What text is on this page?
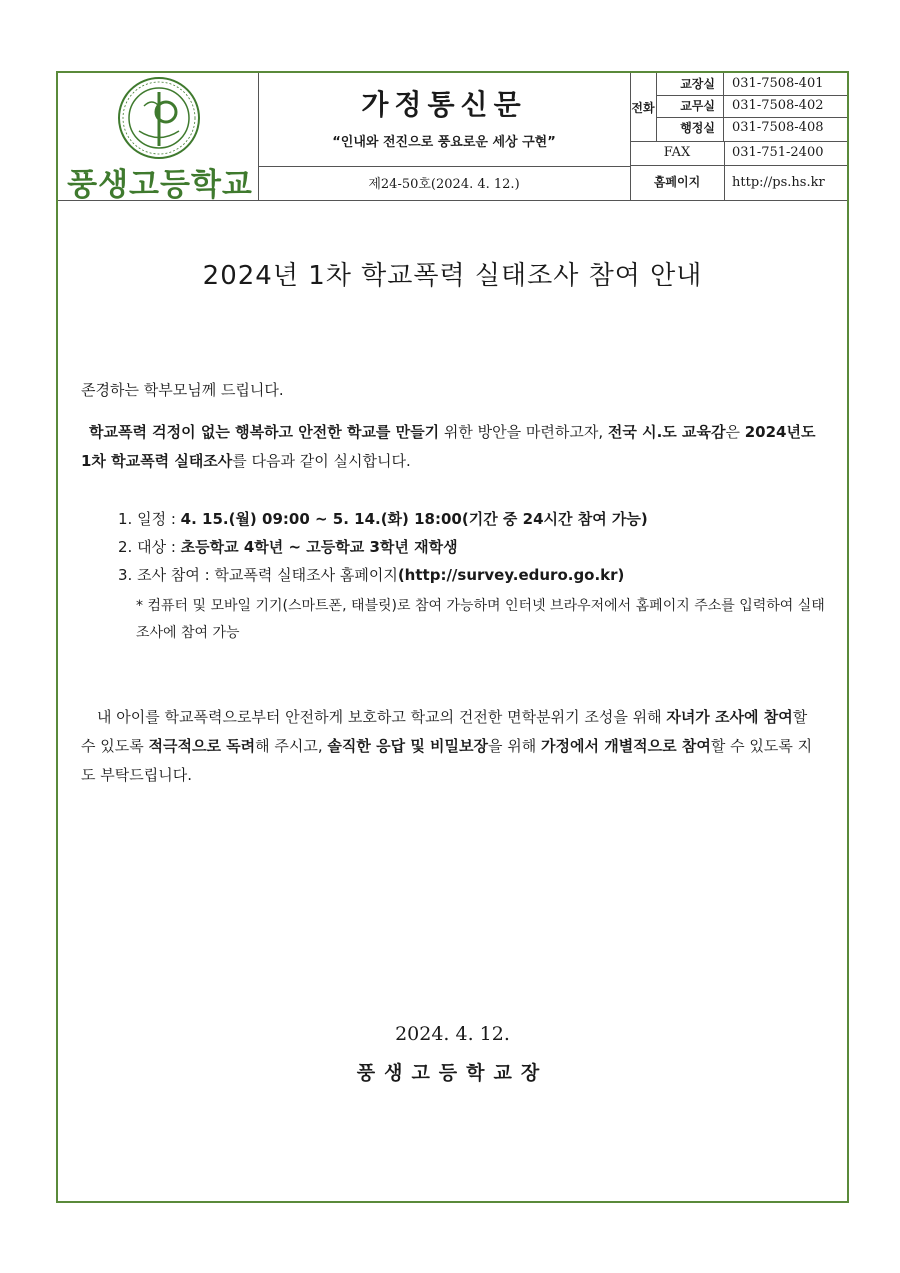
풍생고등학교
가정통신문
“인내와 전진으로 풍요로운 세상 구현”
제24-50호(2024. 4. 12.)
전화
교장실	031-7508-401
교무실	031-7508-402
행정실	031-7508-408
FAX	031-751-2400
홈페이지	http://ps.hs.kr
2024년 1차 학교폭력 실태조사 참여 안내
존경하는 학부모님께 드립니다.
학교폭력 걱정이 없는 행복하고 안전한 학교를 만들기 위한 방안을 마련하고자, 전국 시.도 교육감은 2024년도 1차 학교폭력 실태조사를 다음과 같이 실시합니다.
1. 일정 : 4. 15.(월) 09:00 ~ 5. 14.(화) 18:00(기간 중 24시간 참여 가능)
2. 대상 : 초등학교 4학년 ~ 고등학교 3학년 재학생
3. 조사 참여 : 학교폭력 실태조사 홈페이지(http://survey.eduro.go.kr)
* 컴퓨터 및 모바일 기기(스마트폰, 태블릿)로 참여 가능하며 인터넷 브라우저에서 홈페이지 주소를 입력하여 실태조사에 참여 가능
내 아이를 학교폭력으로부터 안전하게 보호하고 학교의 건전한 면학분위기 조성을 위해 자녀가 조사에 참여할 수 있도록 적극적으로 독려해 주시고, 솔직한 응답 및 비밀보장을 위해 가정에서 개별적으로 참여할 수 있도록 지도 부탁드립니다.
2024. 4. 12.
풍생고등학교장
